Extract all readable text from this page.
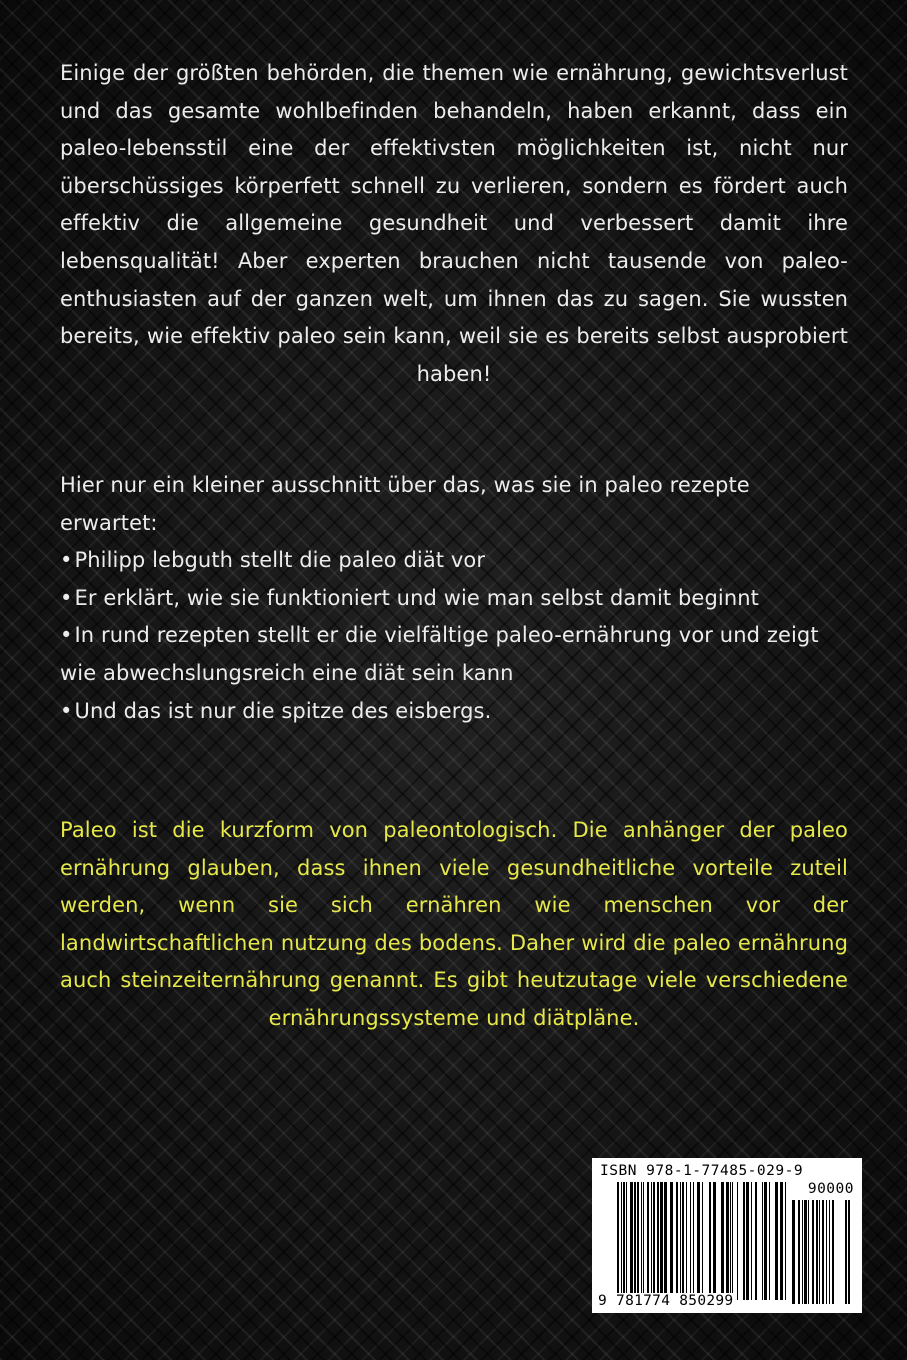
Einige der größten behörden, die themen wie ernährung, gewichtsverlust und das gesamte wohlbefinden behandeln, haben erkannt, dass ein paleo-lebensstil eine der effektivsten möglichkeiten ist, nicht nur überschüssiges körperfett schnell zu verlieren, sondern es fördert auch effektiv die allgemeine gesundheit und verbessert damit ihre lebensqualität! Aber experten brauchen nicht tausende von paleo-enthusiasten auf der ganzen welt, um ihnen das zu sagen. Sie wussten bereits, wie effektiv paleo sein kann, weil sie es bereits selbst ausprobiert haben!

Hier nur ein kleiner ausschnitt über das, was sie in paleo rezepte erwartet:

• Philipp lebguth stellt die paleo diät vor
• Er erklärt, wie sie funktioniert und wie man selbst damit beginnt
• In rund rezepten stellt er die vielfältige paleo-ernährung vor und zeigt wie abwechslungsreich eine diät sein kann
• Und das ist nur die spitze des eisbergs.
Paleo ist die kurzform von paleontologisch. Die anhänger der paleo ernährung glauben, dass ihnen viele gesundheitliche vorteile zuteil werden, wenn sie sich ernähren wie menschen vor der landwirtschaftlichen nutzung des bodens. Daher wird die paleo ernährung auch steinzeiternährung genannt. Es gibt heutzutage viele verschiedene ernährungssysteme und diätpläne.
ISBN 978-1-77485-029-9
90000
9 781774 850299
